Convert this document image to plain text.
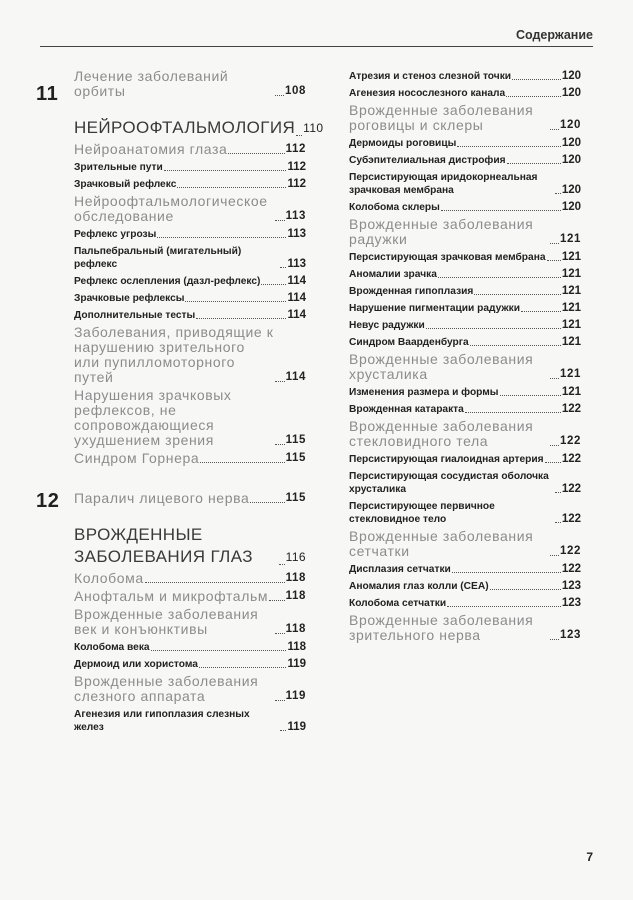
Содержание
11
Лечение заболеваний орбиты	108
НЕЙРООФТАЛЬМОЛОГИЯ 110
Нейроанатомия глаза	112
Зрительные пути	112
Зрачковый рефлекс	112
Нейроофтальмологическое обследование	113
Рефлекс угрозы	113
Пальпебральный (мигательный) рефлекс	113
Рефлекс ослепления (дазл-рефлекс) 114
Зрачковые рефлексы	114
Дополнительные тесты	114
Заболевания, приводящие к нарушению зрительного или пупилломоторного путей	114
Нарушения зрачковых рефлексов, не сопровождающиеся ухудшением зрения	115
Синдром Горнера	115
12 Паралич лицевого нерва	115
ВРОЖДЕННЫЕ ЗАБОЛЕВАНИЯ ГЛАЗ	116
Колобома	118
Анофтальм и микрофтальм 118
Врожденные заболевания век и конъюнктивы	118
Колобома века	118
Дермоид или хористома	119
Врожденные заболевания слезного аппарата	119
Агенезия или гипоплазия слезных желез	119
Атрезия и стеноз слезной точки	120
Агенезия носослезного канала	120
Врожденные заболевания роговицы и склеры	120
Дермоиды роговицы	120
Субэпителиальная дистрофия	120
Персистирующая иридокорнеальная зрачковая мембрана	120
Колобома склеры	120
Врожденные заболевания радужки	121
Персистирующая зрачковая мембрана 121
Аномалии зрачка	121
Врожденная гипоплазия	121
Нарушение пигментации радужки	121
Невус радужки	121
Синдром Ваарденбурга	121
Врожденные заболевания хрусталика	121
Изменения размера и формы	121
Врожденная катаракта	122
Врожденные заболевания стекловидного тела	122
Персистирующая гиалоидная артерия 122
Персистирующая сосудистая оболочка хрусталика	122
Персистирующее первичное стекловидное тело	122
Врожденные заболевания сетчатки	122
Дисплазия сетчатки	122
Аномалия глаз колли (CEA)	123
Колобома сетчатки	123
Врожденные заболевания зрительного нерва	123
7
